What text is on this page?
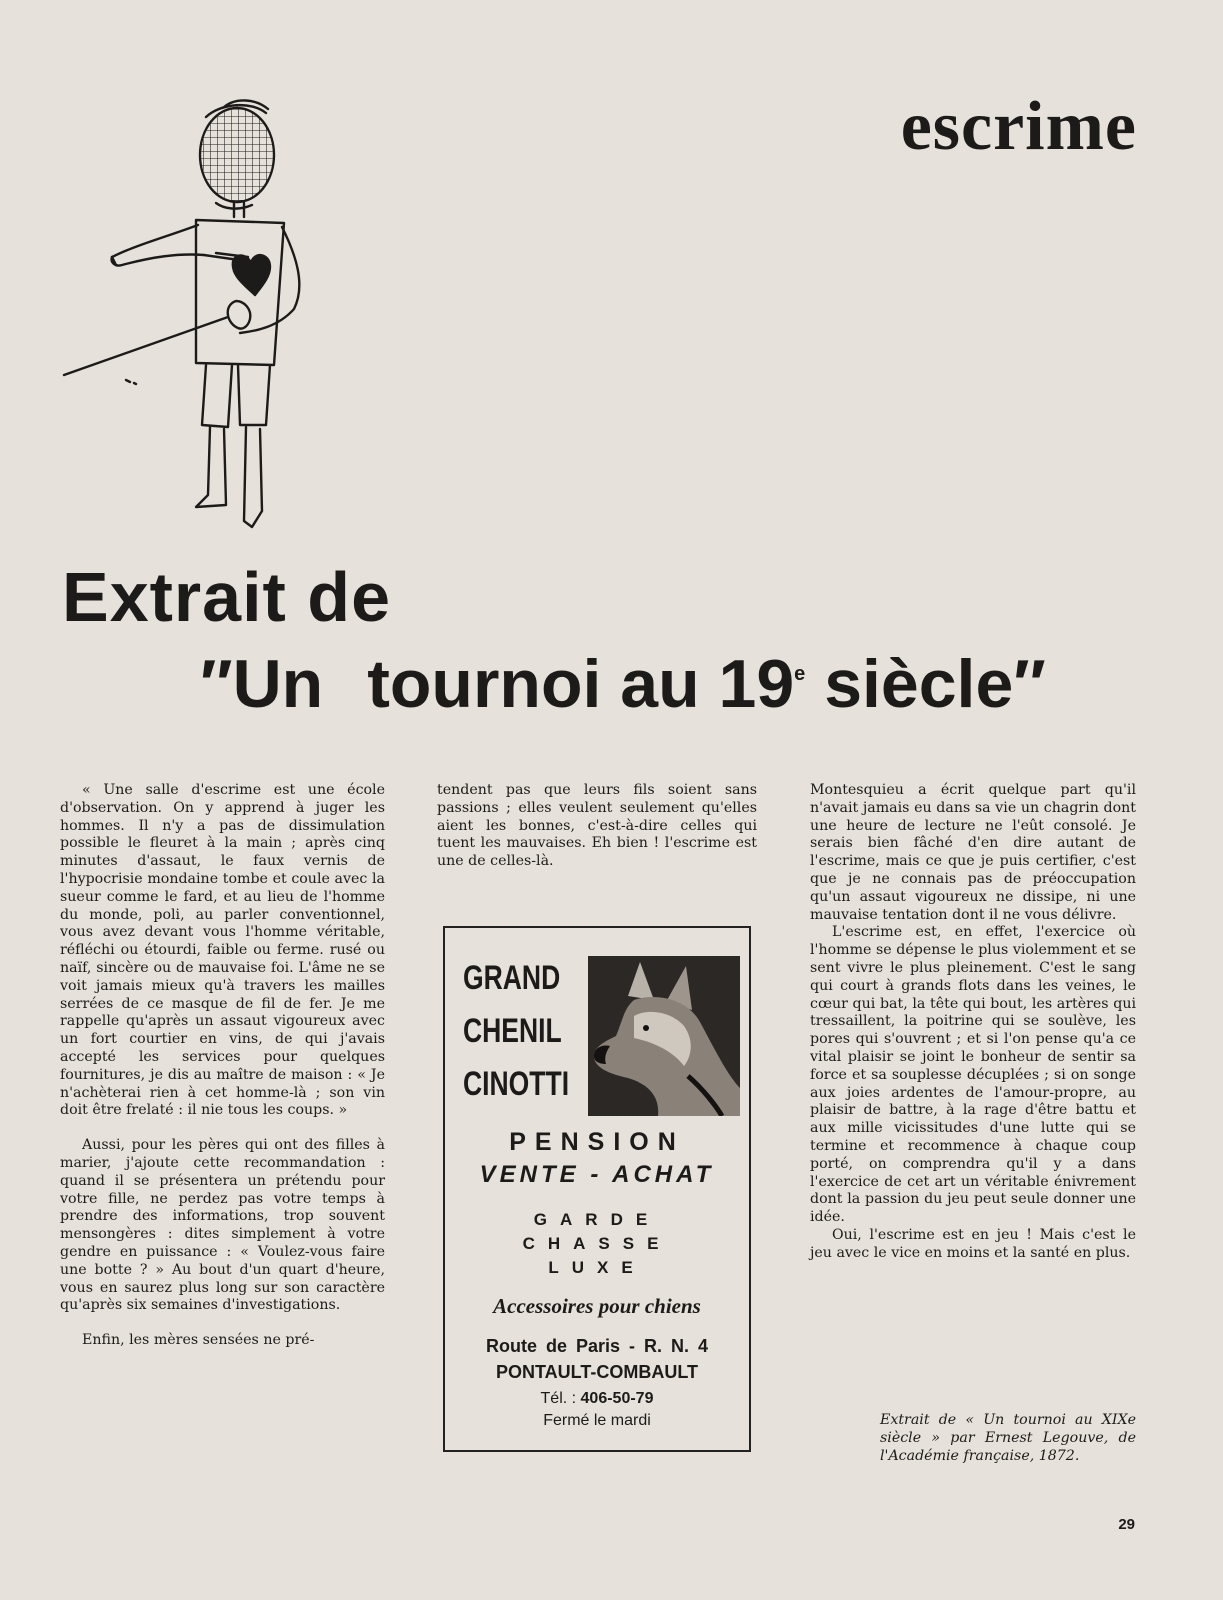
escrime
Extrait de
″Un tournoi au 19e siècle″

« Une salle d'escrime est une école d'observation. On y apprend à juger les hommes. Il n'y a pas de dissimulation possible le fleuret à la main ; après cinq minutes d'assaut, le faux vernis de l'hypocrisie mondaine tombe et coule avec la sueur comme le fard, et au lieu de l'homme du monde, poli, au parler conventionnel, vous avez devant vous l'homme véritable, réfléchi ou étourdi, faible ou ferme. rusé ou naïf, sincère ou de mauvaise foi. L'âme ne se voit jamais mieux qu'à travers les mailles serrées de ce masque de fil de fer. Je me rappelle qu'après un assaut vigoureux avec un fort courtier en vins, de qui j'avais accepté les services pour quelques fournitures, je dis au maître de maison : « Je n'achèterai rien à cet homme-là ; son vin doit être frelaté : il nie tous les coups. »

Aussi, pour les pères qui ont des filles à marier, j'ajoute cette recommandation : quand il se présentera un prétendu pour votre fille, ne perdez pas votre temps à prendre des informations, trop souvent mensongères : dites simplement à votre gendre en puissance : « Voulez-vous faire une botte ? » Au bout d'un quart d'heure, vous en saurez plus long sur son caractère qu'après six semaines d'investigations.

Enfin, les mères sensées ne pré-

tendent pas que leurs fils soient sans passions ; elles veulent seulement qu'elles aient les bonnes, c'est-à-dire celles qui tuent les mauvaises. Eh bien ! l'escrime est une de celles-là.

Montesquieu a écrit quelque part qu'il n'avait jamais eu dans sa vie un chagrin dont une heure de lecture ne l'eût consolé. Je serais bien fâché d'en dire autant de l'escrime, mais ce que je puis certifier, c'est que je ne connais pas de préoccupation qu'un assaut vigoureux ne dissipe, ni une mauvaise tentation dont il ne vous délivre.

L'escrime est, en effet, l'exercice où l'homme se dépense le plus violemment et se sent vivre le plus pleinement. C'est le sang qui court à grands flots dans les veines, le cœur qui bat, la tête qui bout, les artères qui tressaillent, la poitrine qui se soulève, les pores qui s'ouvrent ; et si l'on pense qu'a ce vital plaisir se joint le bonheur de sentir sa force et sa souplesse décuplées ; si on songe aux joies ardentes de l'amour-propre, au plaisir de battre, à la rage d'être battu et aux mille vicissitudes d'une lutte qui se termine et recommence à chaque coup porté, on comprendra qu'il y a dans l'exercice de cet art un véritable énivrement dont la passion du jeu peut seule donner une idée.

Oui, l'escrime est en jeu ! Mais c'est le jeu avec le vice en moins et la santé en plus.

Extrait de « Un tournoi au XIXe siècle » par Ernest Legouve, de l'Académie française, 1872.
GRAND
CHENIL
CINOTTI
PENSION
VENTE - ACHAT
GARDE
CHASSE
LUXE
Accessoires pour chiens
Route de Paris - R. N. 4
PONTAULT-COMBAULT
Tél. : 406-50-79
Fermé le mardi
29
